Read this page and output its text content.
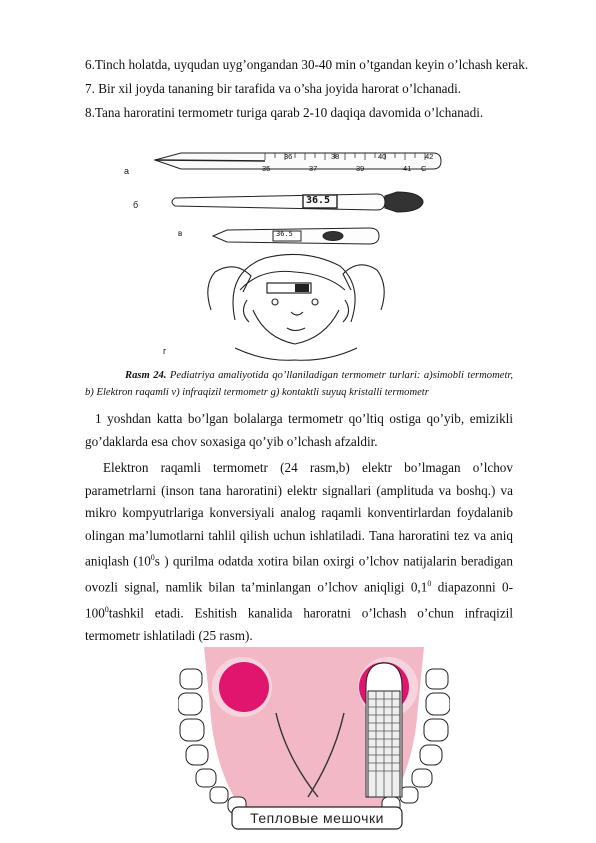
6.Tinch holatda, uyqudan uyg’ongandan 30-40 min o’tgandan keyin o’lchash kerak.
7. Bir xil joyda tananing bir tarafida va o’sha joyida harorat o’lchanadi.
8.Tana haroratini termometr turiga qarab 2-10 daqiqa davomida o’lchanadi.
a
б
в
г
36	38	40	42
35	37	39	41 C
36.5
36.5
Rasm 24. Pediatriya amaliyotida qo’llaniladigan termometr turlari: a)simobli termometr, b) Elektron raqamli v) infraqizil termometr g) kontaktli suyuq kristalli termometr
1 yoshdan katta bo’lgan bolalarga termometr qo’ltiq ostiga qo’yib, emizikli go’daklarda esa chov soxasiga qo’yib o’lchash afzaldir.
Elektron raqamli termometr (24 rasm,b) elektr bo’lmagan o’lchov parametrlarni (inson tana haroratini) elektr signallari (amplituda va boshq.) va mikro kompyutrlariga konversiyali analog raqamli konventirlardan foydalanib olingan ma’lumotlarni tahlil qilish uchun ishlatiladi. Tana haroratini tez va aniq aniqlash ($10^0s$ ) qurilma odatda xotira bilan oxirgi o’lchov natijalarin beradigan ovozli signal, namlik bilan ta’minlangan o’lchov aniqligi $0,1^0$ diapazonni 0- $100^0tashkil$ etadi. Eshitish kanalida haroratni o’lchash o’chun infraqizil termometr ishlatiladi (25 rasm).
Тепловые мешочки
